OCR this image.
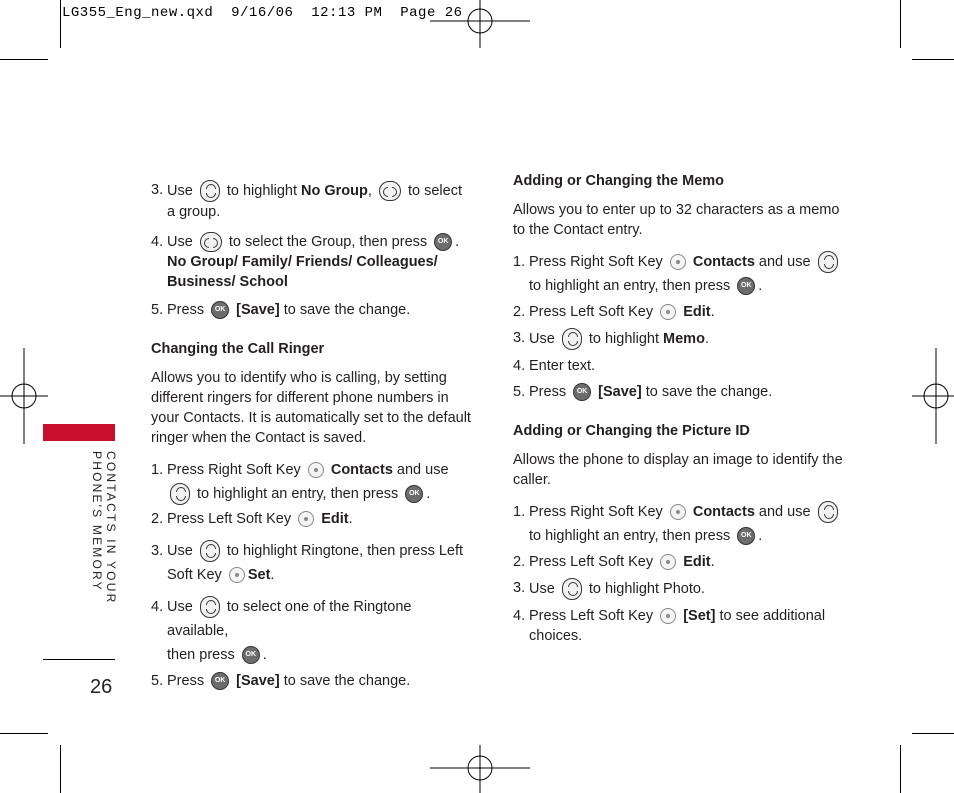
LG355_Eng_new.qxd  9/16/06  12:13 PM  Page 26
CONTACTS IN YOUR
PHONE'S MEMORY
26
3. Use to highlight No Group, to select a group.
4. Use to select the Group, then press OK .
No Group/ Family/ Friends/ Colleagues/
Business/ School
5. Press OK [Save] to save the change.

Changing the Call Ringer

Allows you to identify who is calling, by setting different ringers for different phone numbers in your Contacts. It is automatically set to the default ringer when the Contact is saved.

1. Press Right Soft Key Contacts and use  to highlight an entry, then press OK .
2. Press Left Soft Key Edit.
3. Use to highlight Ringtone, then press Left
Soft Key Set.
4. Use to select one of the Ringtone available,
then press OK .
5. Press OK [Save] to save the change.

Adding or Changing the Memo

Allows you to enter up to 32 characters as a memo to the Contact entry.

1. Press Right Soft Key Contacts and use  to highlight an entry, then press OK .
2. Press Left Soft Key Edit.
3. Use to highlight Memo.
4. Enter text.
5. Press OK [Save] to save the change.

Adding or Changing the Picture ID

Allows the phone to display an image to identify the caller.

1. Press Right Soft Key Contacts and use  to highlight an entry, then press OK .
2. Press Left Soft Key Edit.
3. Use to highlight Photo.
4. Press Left Soft Key [Set] to see additional
choices.
